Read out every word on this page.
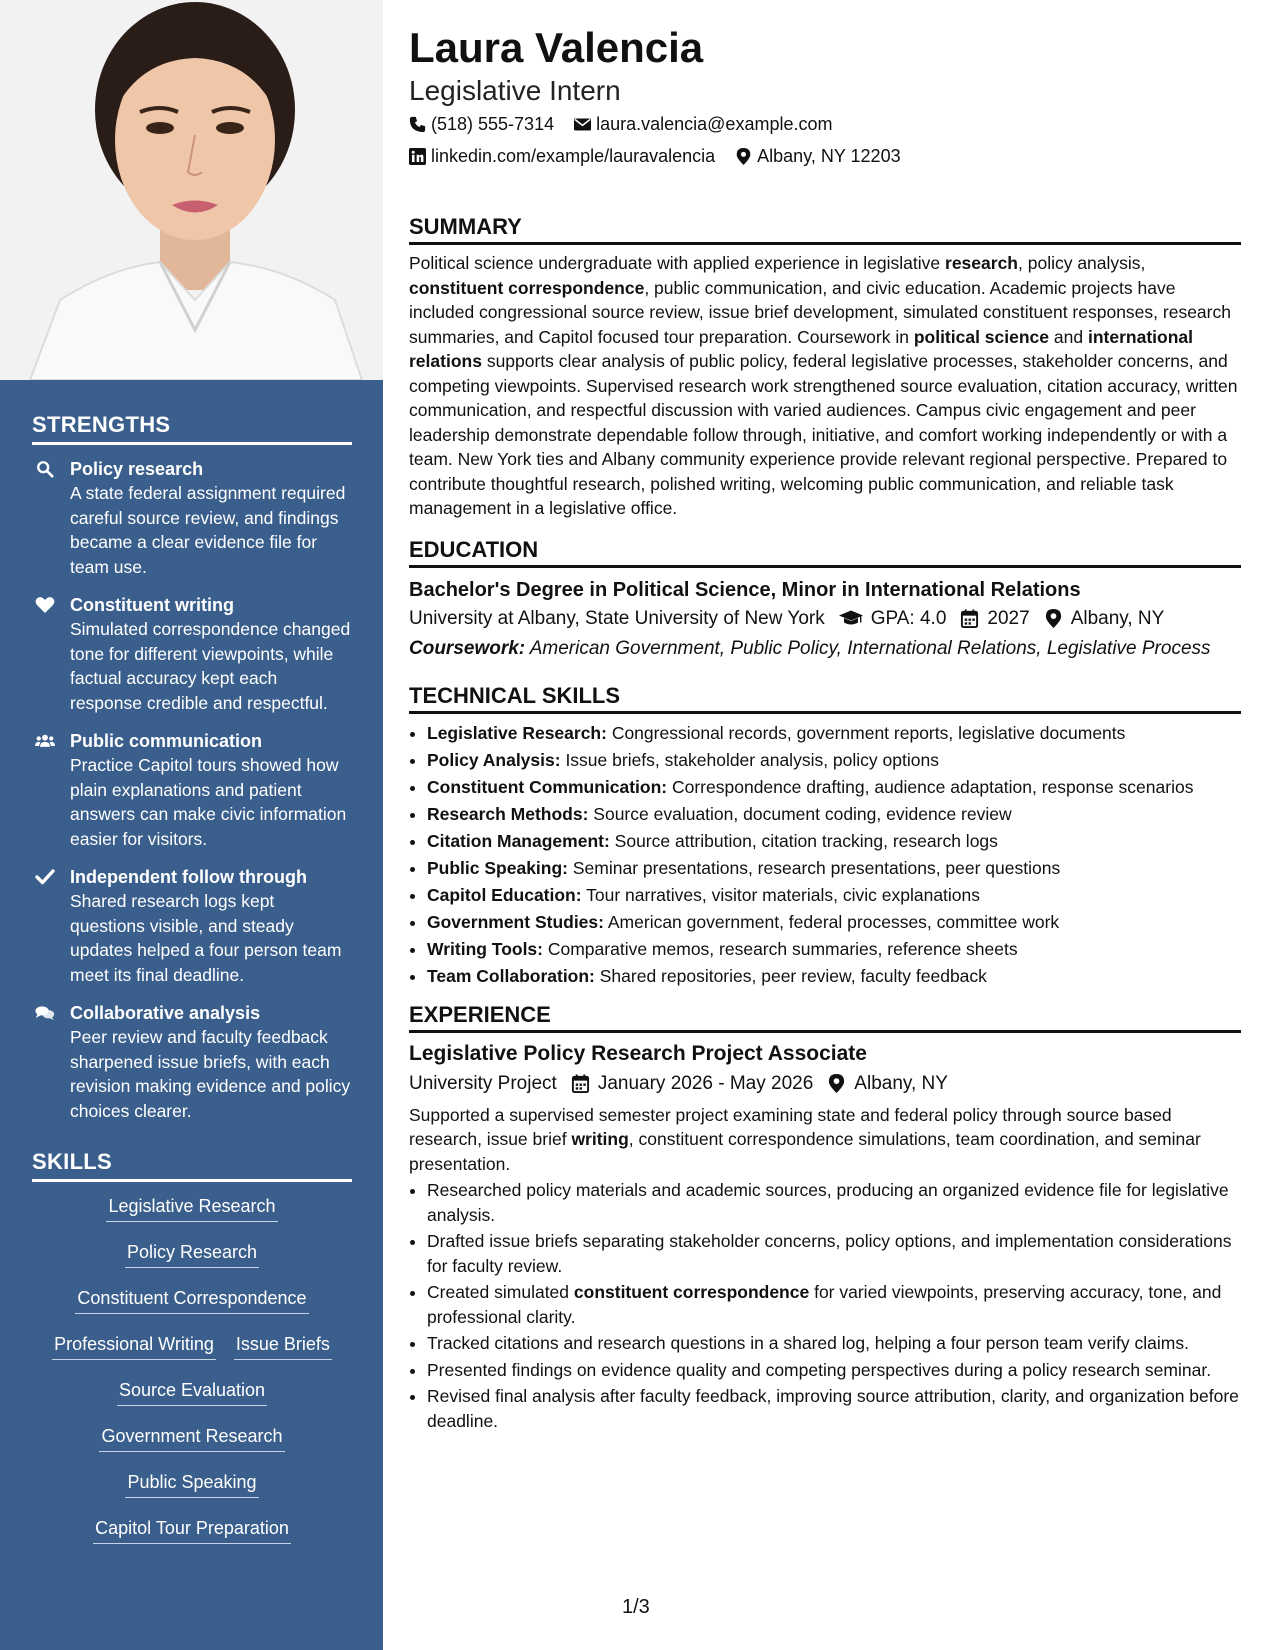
STRENGTHS
Policy research
A state federal assignment required careful source review, and findings became a clear evidence file for team use.
Constituent writing
Simulated correspondence changed tone for different viewpoints, while factual accuracy kept each response credible and respectful.
Public communication
Practice Capitol tours showed how plain explanations and patient answers can make civic information easier for visitors.
Independent follow through
Shared research logs kept questions visible, and steady updates helped a four person team meet its final deadline.
Collaborative analysis
Peer review and faculty feedback sharpened issue briefs, with each revision making evidence and policy choices clearer.
SKILLS
Legislative Research
Policy Research
Constituent Correspondence
Professional Writing Issue Briefs
Source Evaluation
Government Research
Public Speaking
Capitol Tour Preparation
Laura Valencia
Legislative Intern
(518) 555-7314 laura.valencia@example.com
linkedin.com/example/lauravalencia Albany, NY 12203
SUMMARY
Political science undergraduate with applied experience in legislative research, policy analysis, constituent correspondence, public communication, and civic education. Academic projects have included congressional source review, issue brief development, simulated constituent responses, research summaries, and Capitol focused tour preparation. Coursework in political science and international relations supports clear analysis of public policy, federal legislative processes, stakeholder concerns, and competing viewpoints. Supervised research work strengthened source evaluation, citation accuracy, written communication, and respectful discussion with varied audiences. Campus civic engagement and peer leadership demonstrate dependable follow through, initiative, and comfort working independently or with a team. New York ties and Albany community experience provide relevant regional perspective. Prepared to contribute thoughtful research, polished writing, welcoming public communication, and reliable task management in a legislative office.
EDUCATION
Bachelor's Degree in Political Science, Minor in International Relations
University at Albany, State University of New York GPA: 4.0 2027 Albany, NY
Coursework: American Government, Public Policy, International Relations, Legislative Process
TECHNICAL SKILLS
• Legislative Research: Congressional records, government reports, legislative documents
• Policy Analysis: Issue briefs, stakeholder analysis, policy options
• Constituent Communication: Correspondence drafting, audience adaptation, response scenarios
• Research Methods: Source evaluation, document coding, evidence review
• Citation Management: Source attribution, citation tracking, research logs
• Public Speaking: Seminar presentations, research presentations, peer questions
• Capitol Education: Tour narratives, visitor materials, civic explanations
• Government Studies: American government, federal processes, committee work
• Writing Tools: Comparative memos, research summaries, reference sheets
• Team Collaboration: Shared repositories, peer review, faculty feedback
EXPERIENCE
Legislative Policy Research Project Associate
University Project January 2026 - May 2026 Albany, NY
Supported a supervised semester project examining state and federal policy through source based research, issue brief writing, constituent correspondence simulations, team coordination, and seminar presentation.
• Researched policy materials and academic sources, producing an organized evidence file for legislative analysis.
• Drafted issue briefs separating stakeholder concerns, policy options, and implementation considerations for faculty review.
• Created simulated constituent correspondence for varied viewpoints, preserving accuracy, tone, and professional clarity.
• Tracked citations and research questions in a shared log, helping a four person team verify claims.
• Presented findings on evidence quality and competing perspectives during a policy research seminar.
• Revised final analysis after faculty feedback, improving source attribution, clarity, and organization before deadline.
1/3
